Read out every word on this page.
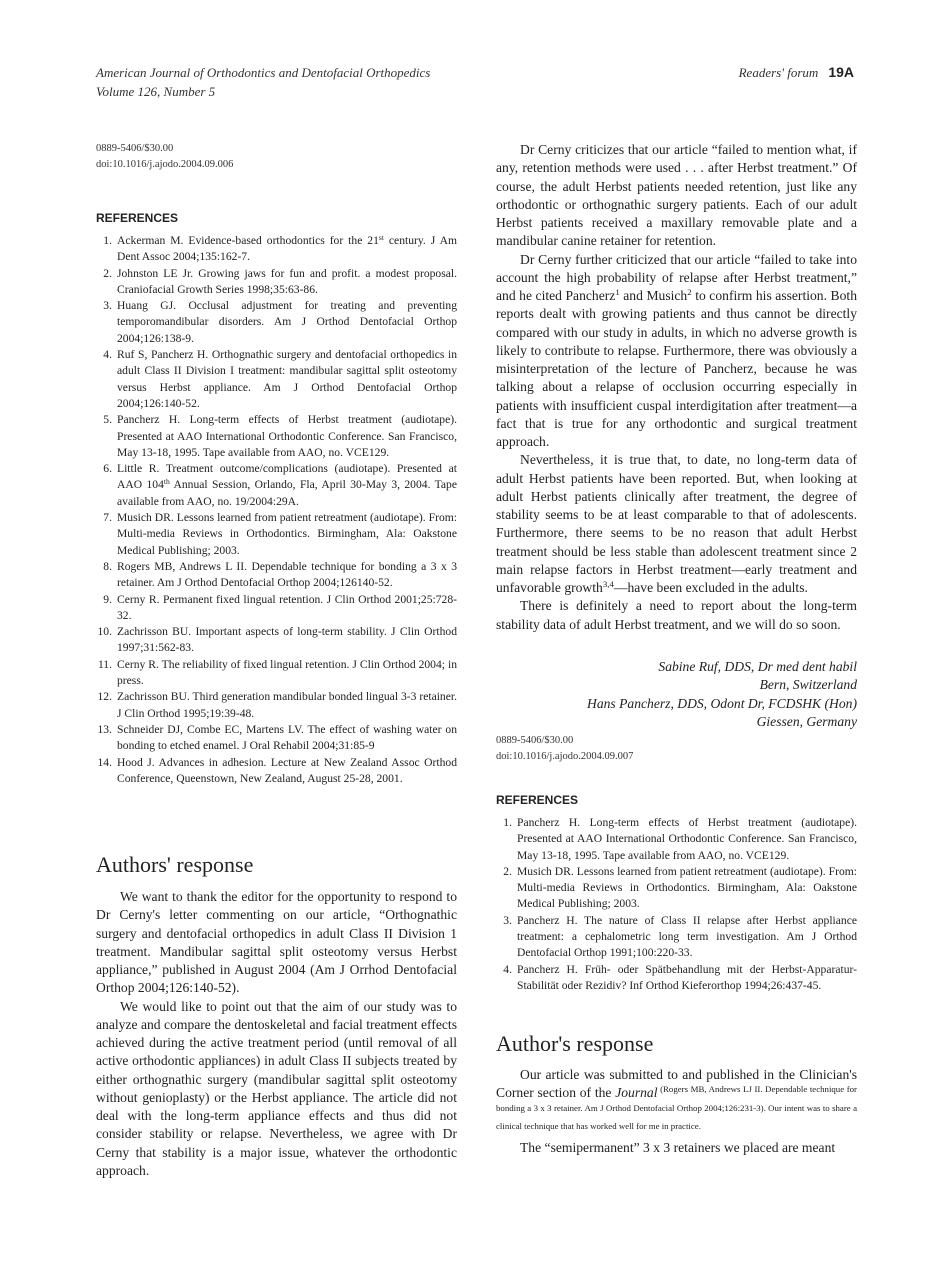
American Journal of Orthodontics and Dentofacial Orthopedics
Volume 126, Number 5
Readers' forum 19A
0889-5406/$30.00
doi:10.1016/j.ajodo.2004.09.006
REFERENCES
1. Ackerman M. Evidence-based orthodontics for the 21st century. J Am Dent Assoc 2004;135:162-7.
2. Johnston LE Jr. Growing jaws for fun and profit. a modest proposal. Craniofacial Growth Series 1998;35:63-86.
3. Huang GJ. Occlusal adjustment for treating and preventing temporomandibular disorders. Am J Orthod Dentofacial Orthop 2004;126:138-9.
4. Ruf S, Pancherz H. Orthognathic surgery and dentofacial orthopedics in adult Class II Division I treatment: mandibular sagittal split osteotomy versus Herbst appliance. Am J Orthod Dentofacial Orthop 2004;126:140-52.
5. Pancherz H. Long-term effects of Herbst treatment (audiotape). Presented at AAO International Orthodontic Conference. San Francisco, May 13-18, 1995. Tape available from AAO, no. VCE129.
6. Little R. Treatment outcome/complications (audiotape). Presented at AAO 104th Annual Session, Orlando, Fla, April 30-May 3, 2004. Tape available from AAO, no. 19/2004:29A.
7. Musich DR. Lessons learned from patient retreatment (audiotape). From: Multi-media Reviews in Orthodontics. Birmingham, Ala: Oakstone Medical Publishing; 2003.
8. Rogers MB, Andrews L II. Dependable technique for bonding a 3 x 3 retainer. Am J Orthod Dentofacial Orthop 2004;126140-52.
9. Cerny R. Permanent fixed lingual retention. J Clin Orthod 2001;25:728-32.
10. Zachrisson BU. Important aspects of long-term stability. J Clin Orthod 1997;31:562-83.
11. Cerny R. The reliability of fixed lingual retention. J Clin Orthod 2004; in press.
12. Zachrisson BU. Third generation mandibular bonded lingual 3-3 retainer. J Clin Orthod 1995;19:39-48.
13. Schneider DJ, Combe EC, Martens LV. The effect of washing water on bonding to etched enamel. J Oral Rehabil 2004;31:85-9
14. Hood J. Advances in adhesion. Lecture at New Zealand Assoc Orthod Conference, Queenstown, New Zealand, August 25-28, 2001.
Authors' response

We want to thank the editor for the opportunity to respond to Dr Cerny's letter commenting on our article, “Orthognathic surgery and dentofacial orthopedics in adult Class II Division 1 treatment. Mandibular sagittal split osteotomy versus Herbst appliance,” published in August 2004 (Am J Orrhod Dentofacial Orthop 2004;126:140-52).

We would like to point out that the aim of our study was to analyze and compare the dentoskeletal and facial treatment effects achieved during the active treatment period (until removal of all active orthodontic appliances) in adult Class II subjects treated by either orthognathic surgery (mandibular sagittal split osteotomy without genioplasty) or the Herbst appliance. The article did not deal with the long-term appliance effects and thus did not consider stability or relapse. Nevertheless, we agree with Dr Cerny that stability is a major issue, whatever the orthodontic approach.

Dr Cerny criticizes that our article “failed to mention what, if any, retention methods were used . . . after Herbst treatment.” Of course, the adult Herbst patients needed retention, just like any orthodontic or orthognathic surgery patients. Each of our adult Herbst patients received a maxillary removable plate and a mandibular canine retainer for retention.

Dr Cerny further criticized that our article “failed to take into account the high probability of relapse after Herbst treatment,” and he cited Pancherz$^1$ and Musich$^2$ to confirm his assertion. Both reports dealt with growing patients and thus cannot be directly compared with our study in adults, in which no adverse growth is likely to contribute to relapse. Furthermore, there was obviously a misinterpretation of the lecture of Pancherz, because he was talking about a relapse of occlusion occurring especially in patients with insufficient cuspal interdigitation after treatment—a fact that is true for any orthodontic and surgical treatment approach.

Nevertheless, it is true that, to date, no long-term data of adult Herbst patients have been reported. But, when looking at adult Herbst patients clinically after treatment, the degree of stability seems to be at least comparable to that of adolescents. Furthermore, there seems to be no reason that adult Herbst treatment should be less stable than adolescent treatment since 2 main relapse factors in Herbst treatment—early treatment and unfavorable growth$^{3,4}$—have been excluded in the adults.

There is definitely a need to report about the long-term stability data of adult Herbst treatment, and we will do so soon.

Sabine Ruf, DDS, Dr med dent habil
Bern, Switzerland
Hans Pancherz, DDS, Odont Dr, FCDSHK (Hon)
Giessen, Germany
0889-5406/$30.00
doi:10.1016/j.ajodo.2004.09.007
REFERENCES
1. Pancherz H. Long-term effects of Herbst treatment (audiotape). Presented at AAO International Orthodontic Conference. San Francisco, May 13-18, 1995. Tape available from AAO, no. VCE129.
2. Musich DR. Lessons learned from patient retreatment (audiotape). From: Multi-media Reviews in Orthodontics. Birmingham, Ala: Oakstone Medical Publishing; 2003.
3. Pancherz H. The nature of Class II relapse after Herbst appliance treatment: a cephalometric long term investigation. Am J Orthod Dentofacial Orthop 1991;100:220-33.
4. Pancherz H. Früh- oder Spätbehandlung mit der Herbst-Apparatur-Stabilität oder Rezidiv? Inf Orthod Kieferorthop 1994;26:437-45.
Author's response

Our article was submitted to and published in the Clinician's Corner section of the Journal $^{(Rogers MB, Andrews LJ II. Dependable technique for bonding a 3 x 3 retainer. Am J Orthod Dentofacial Orthop 2004;126:231-3). Our intent was to share a clinical technique that has worked well for me in practice.}$

The “semipermanent” 3 x 3 retainers we placed are meant
